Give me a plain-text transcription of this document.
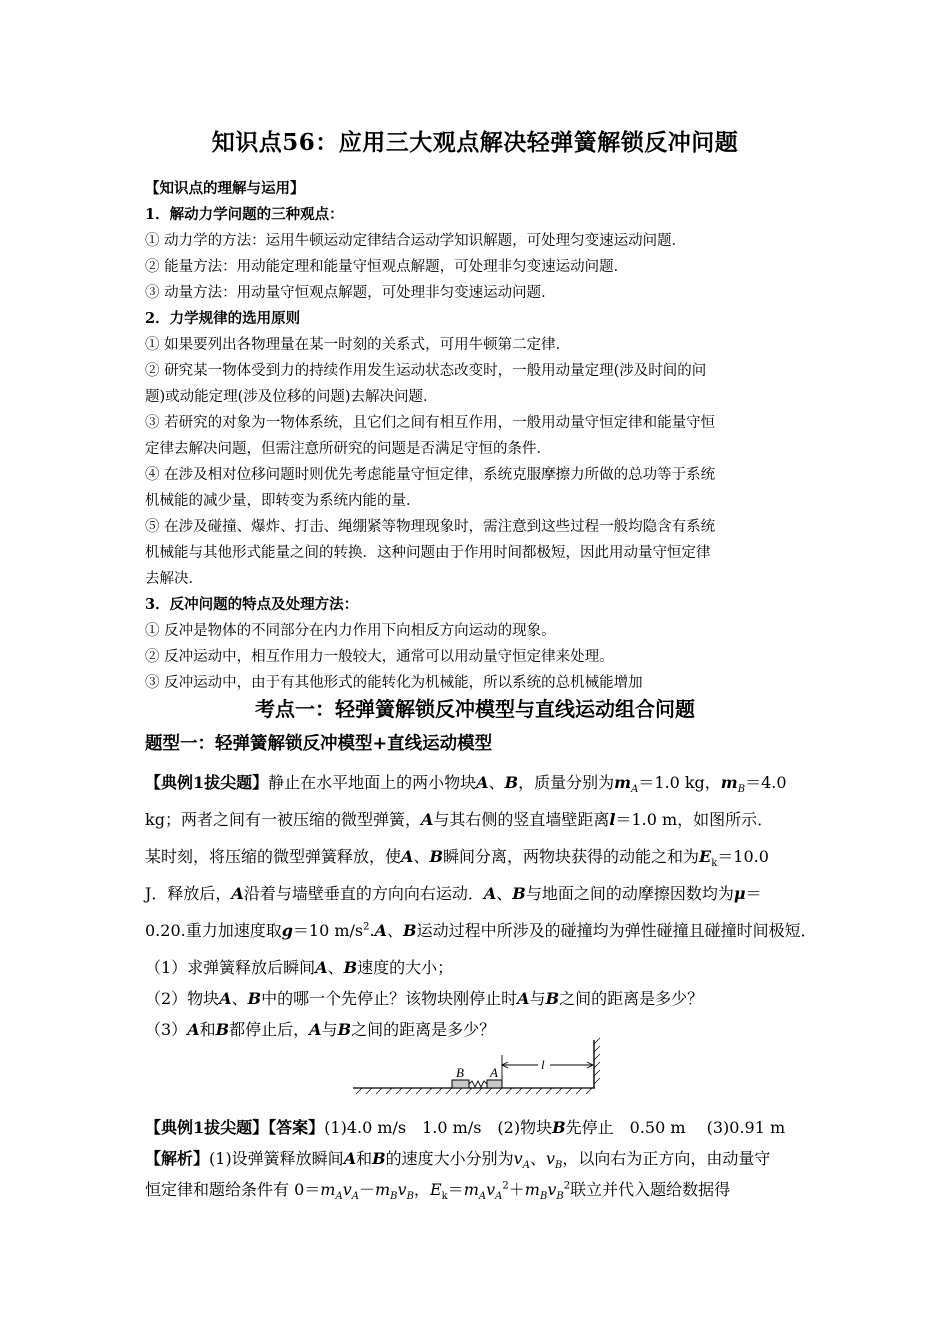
知识点56：应用三大观点解决轻弹簧解锁反冲问题
【知识点的理解与运用】
1．解动力学问题的三种观点：
① 动力学的方法：运用牛顿运动定律结合运动学知识解题，可处理匀变速运动问题．
② 能量方法：用动能定理和能量守恒观点解题，可处理非匀变速运动问题．
③ 动量方法：用动量守恒观点解题，可处理非匀变速运动问题．
2．力学规律的选用原则
① 如果要列出各物理量在某一时刻的关系式，可用牛顿第二定律．
② 研究某一物体受到力的持续作用发生运动状态改变时，一般用动量定理(涉及时间的问
题)或动能定理(涉及位移的问题)去解决问题．
③ 若研究的对象为一物体系统，且它们之间有相互作用，一般用动量守恒定律和能量守恒
定律去解决问题，但需注意所研究的问题是否满足守恒的条件．
④ 在涉及相对位移问题时则优先考虑能量守恒定律，系统克服摩擦力所做的总功等于系统
机械能的减少量，即转变为系统内能的量．
⑤ 在涉及碰撞、爆炸、打击、绳绷紧等物理现象时，需注意到这些过程一般均隐含有系统
机械能与其他形式能量之间的转换．这种问题由于作用时间都极短，因此用动量守恒定律
去解决．
3．反冲问题的特点及处理方法：
① 反冲是物体的不同部分在内力作用下向相反方向运动的现象。
② 反冲运动中，相互作用力一般较大，通常可以用动量守恒定律来处理。
③ 反冲运动中，由于有其他形式的能转化为机械能，所以系统的总机械能增加
考点一：轻弹簧解锁反冲模型与直线运动组合问题
题型一：轻弹簧解锁反冲模型+直线运动模型
【典例1拔尖题】静止在水平地面上的两小物块A、B，质量分别为$m_A=1.0$ kg，$m_B=4.0$
kg；两者之间有一被压缩的微型弹簧，A与其右侧的竖直墙壁距离l＝1.0 m，如图所示．
某时刻，将压缩的微型弹簧释放，使A、B瞬间分离，两物块获得的动能之和为$E_k=10.0$
J．释放后，A沿着与墙壁垂直的方向向右运动．A、B与地面之间的动摩擦因数均为μ＝
0.20.重力加速度取g＝10 $m/s^2.A$、B运动过程中所涉及的碰撞均为弹性碰撞且碰撞时间极短．
（1）求弹簧释放后瞬间A、B速度的大小；
（2）物块A、B中的哪一个先停止？该物块刚停止时A与B之间的距离是多少？
（3）A和B都停止后，A与B之间的距离是多少？
B A
l
【典例1拔尖题】【答案】(1)4.0 m/s　1.0 m/s　(2)物块B先停止　0.50 m　 (3)0.91 m
【解析】(1)设弹簧释放瞬间A和B的速度大小分别为$v_A$、$v_B$，以向右为正方向，由动量守
恒定律和题给条件有 $0=m_Av_A-m_Bv_B$，$E_k=m_Av_A^2+m_Bv_B^2$联立并代入题给数据得
